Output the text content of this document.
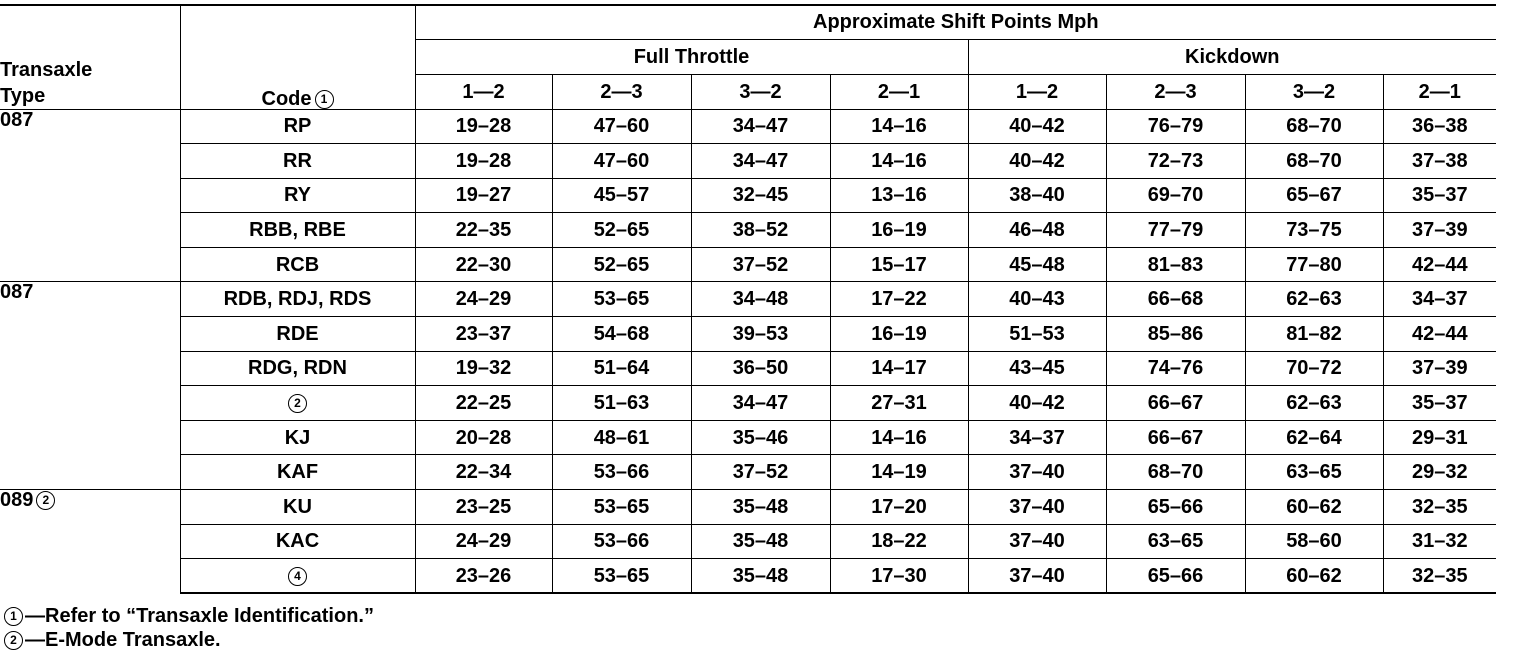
Transaxle
Type	Code 1	Approximate Shift Points Mph							
		Full Throttle				Kickdown			
		1—2	2—3	3—2	2—1	1—2	2—3	3—2	2—1
087	RP	19–28	47–60	34–47	14–16	40–42	76–79	68–70	36–38
	RR	19–28	47–60	34–47	14–16	40–42	72–73	68–70	37–38
	RY	19–27	45–57	32–45	13–16	38–40	69–70	65–67	35–37
	RBB, RBE	22–35	52–65	38–52	16–19	46–48	77–79	73–75	37–39
	RCB	22–30	52–65	37–52	15–17	45–48	81–83	77–80	42–44
087	RDB, RDJ, RDS	24–29	53–65	34–48	17–22	40–43	66–68	62–63	34–37
	RDE	23–37	54–68	39–53	16–19	51–53	85–86	81–82	42–44
	RDG, RDN	19–32	51–64	36–50	14–17	43–45	74–76	70–72	37–39
	2	22–25	51–63	34–47	27–31	40–42	66–67	62–63	35–37
	KJ	20–28	48–61	35–46	14–16	34–37	66–67	62–64	29–31
	KAF	22–34	53–66	37–52	14–19	37–40	68–70	63–65	29–32
089 2	KU	23–25	53–65	35–48	17–20	37–40	65–66	60–62	32–35
	KAC	24–29	53–66	35–48	18–22	37–40	63–65	58–60	31–32
	4	23–26	53–65	35–48	17–30	37–40	65–66	60–62	32–35
1 —Refer to “Transaxle Identification.”
2 —E-Mode Transaxle.
